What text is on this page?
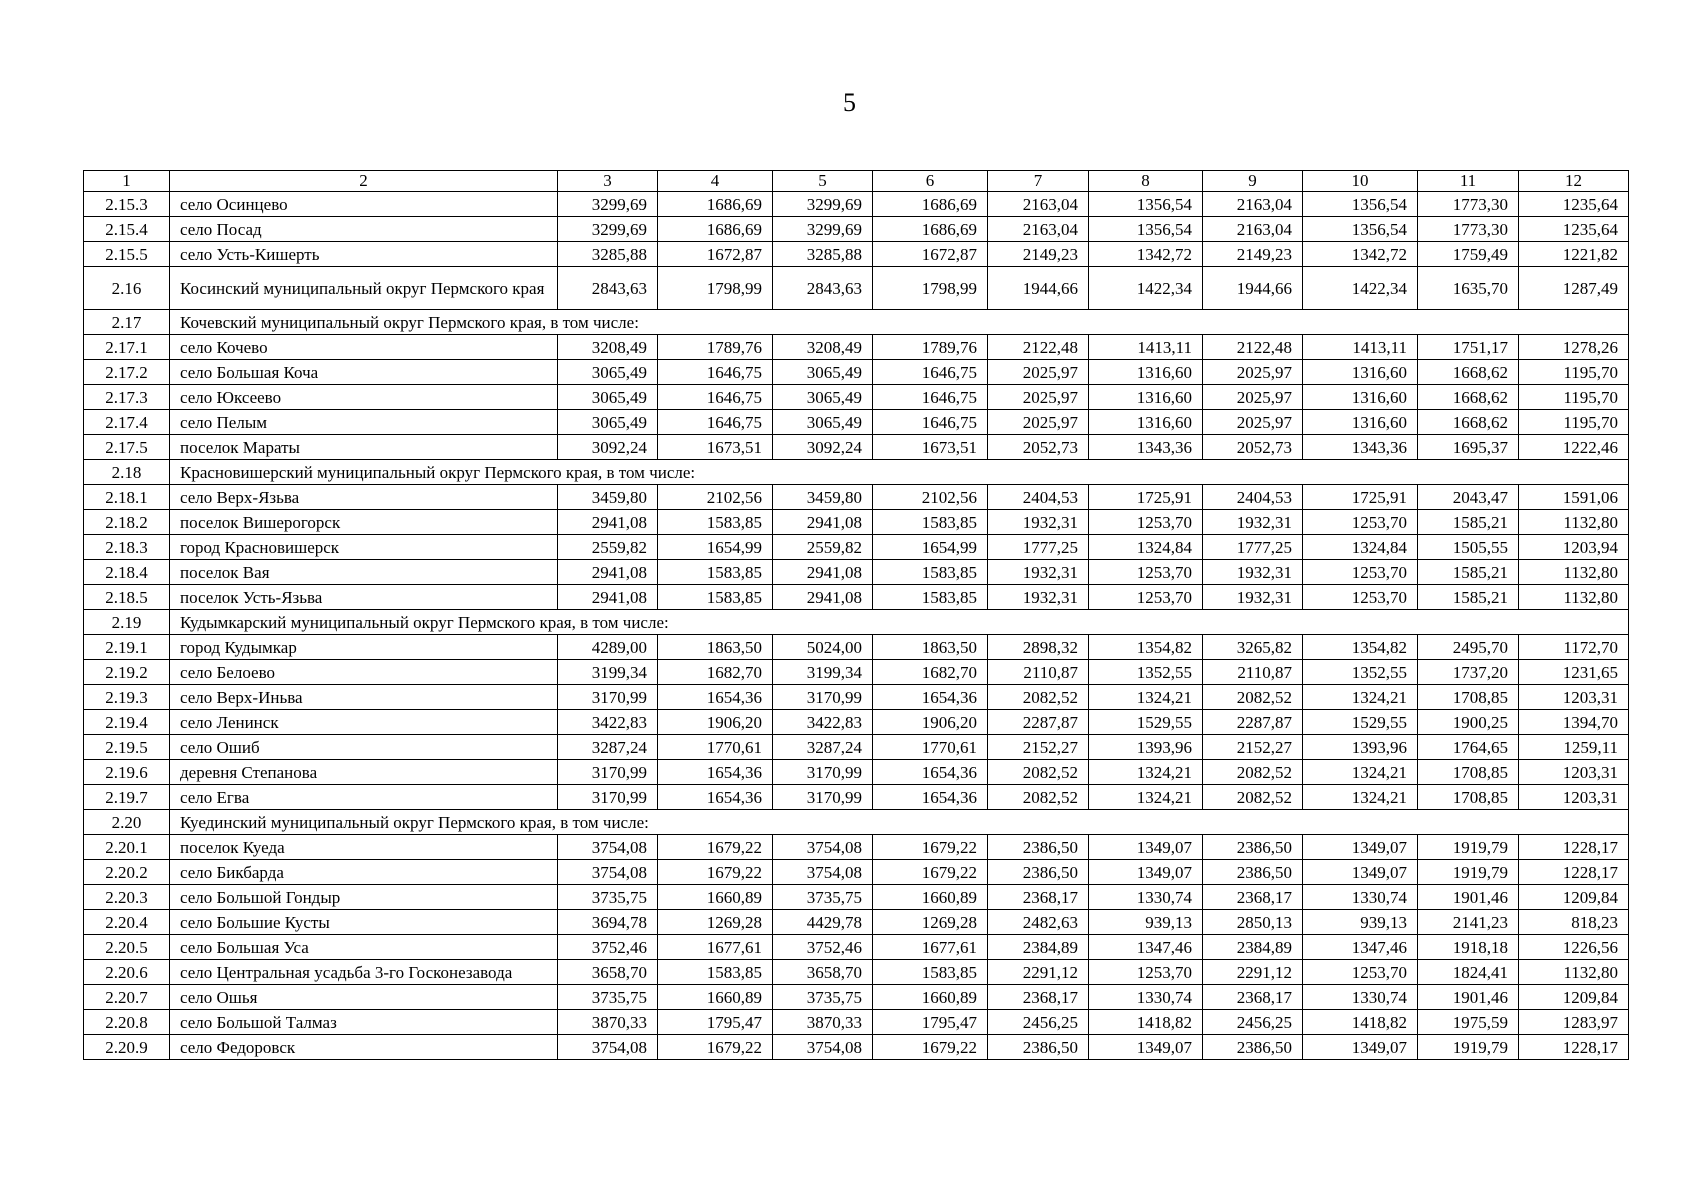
5
1	2	3	4	5	6	7	8	9	10	11	12
2.15.3	село Осинцево	3299,69	1686,69	3299,69	1686,69	2163,04	1356,54	2163,04	1356,54	1773,30	1235,64
2.15.4	село Посад	3299,69	1686,69	3299,69	1686,69	2163,04	1356,54	2163,04	1356,54	1773,30	1235,64
2.15.5	село Усть-Кишерть	3285,88	1672,87	3285,88	1672,87	2149,23	1342,72	2149,23	1342,72	1759,49	1221,82
2.16	Косинский муниципальный округ Пермского края	2843,63	1798,99	2843,63	1798,99	1944,66	1422,34	1944,66	1422,34	1635,70	1287,49
2.17	Кочевский муниципальный округ Пермского края, в том числе:										
2.17.1	село Кочево	3208,49	1789,76	3208,49	1789,76	2122,48	1413,11	2122,48	1413,11	1751,17	1278,26
2.17.2	село Большая Коча	3065,49	1646,75	3065,49	1646,75	2025,97	1316,60	2025,97	1316,60	1668,62	1195,70
2.17.3	село Юксеево	3065,49	1646,75	3065,49	1646,75	2025,97	1316,60	2025,97	1316,60	1668,62	1195,70
2.17.4	село Пелым	3065,49	1646,75	3065,49	1646,75	2025,97	1316,60	2025,97	1316,60	1668,62	1195,70
2.17.5	поселок Мараты	3092,24	1673,51	3092,24	1673,51	2052,73	1343,36	2052,73	1343,36	1695,37	1222,46
2.18	Красновишерский муниципальный округ Пермского края, в том числе:										
2.18.1	село Верх-Язьва	3459,80	2102,56	3459,80	2102,56	2404,53	1725,91	2404,53	1725,91	2043,47	1591,06
2.18.2	поселок Вишерогорск	2941,08	1583,85	2941,08	1583,85	1932,31	1253,70	1932,31	1253,70	1585,21	1132,80
2.18.3	город Красновишерск	2559,82	1654,99	2559,82	1654,99	1777,25	1324,84	1777,25	1324,84	1505,55	1203,94
2.18.4	поселок Вая	2941,08	1583,85	2941,08	1583,85	1932,31	1253,70	1932,31	1253,70	1585,21	1132,80
2.18.5	поселок Усть-Язьва	2941,08	1583,85	2941,08	1583,85	1932,31	1253,70	1932,31	1253,70	1585,21	1132,80
2.19	Кудымкарский муниципальный округ Пермского края, в том числе:										
2.19.1	город Кудымкар	4289,00	1863,50	5024,00	1863,50	2898,32	1354,82	3265,82	1354,82	2495,70	1172,70
2.19.2	село Белоево	3199,34	1682,70	3199,34	1682,70	2110,87	1352,55	2110,87	1352,55	1737,20	1231,65
2.19.3	село Верх-Иньва	3170,99	1654,36	3170,99	1654,36	2082,52	1324,21	2082,52	1324,21	1708,85	1203,31
2.19.4	село Ленинск	3422,83	1906,20	3422,83	1906,20	2287,87	1529,55	2287,87	1529,55	1900,25	1394,70
2.19.5	село Ошиб	3287,24	1770,61	3287,24	1770,61	2152,27	1393,96	2152,27	1393,96	1764,65	1259,11
2.19.6	деревня Степанова	3170,99	1654,36	3170,99	1654,36	2082,52	1324,21	2082,52	1324,21	1708,85	1203,31
2.19.7	село Егва	3170,99	1654,36	3170,99	1654,36	2082,52	1324,21	2082,52	1324,21	1708,85	1203,31
2.20	Куединский муниципальный округ Пермского края, в том числе:										
2.20.1	поселок Куеда	3754,08	1679,22	3754,08	1679,22	2386,50	1349,07	2386,50	1349,07	1919,79	1228,17
2.20.2	село Бикбарда	3754,08	1679,22	3754,08	1679,22	2386,50	1349,07	2386,50	1349,07	1919,79	1228,17
2.20.3	село Большой Гондыр	3735,75	1660,89	3735,75	1660,89	2368,17	1330,74	2368,17	1330,74	1901,46	1209,84
2.20.4	село Большие Кусты	3694,78	1269,28	4429,78	1269,28	2482,63	939,13	2850,13	939,13	2141,23	818,23
2.20.5	село Большая Уса	3752,46	1677,61	3752,46	1677,61	2384,89	1347,46	2384,89	1347,46	1918,18	1226,56
2.20.6	село Центральная усадьба 3-го Госконезавода	3658,70	1583,85	3658,70	1583,85	2291,12	1253,70	2291,12	1253,70	1824,41	1132,80
2.20.7	село Ошья	3735,75	1660,89	3735,75	1660,89	2368,17	1330,74	2368,17	1330,74	1901,46	1209,84
2.20.8	село Большой Талмаз	3870,33	1795,47	3870,33	1795,47	2456,25	1418,82	2456,25	1418,82	1975,59	1283,97
2.20.9	село Федоровск	3754,08	1679,22	3754,08	1679,22	2386,50	1349,07	2386,50	1349,07	1919,79	1228,17
